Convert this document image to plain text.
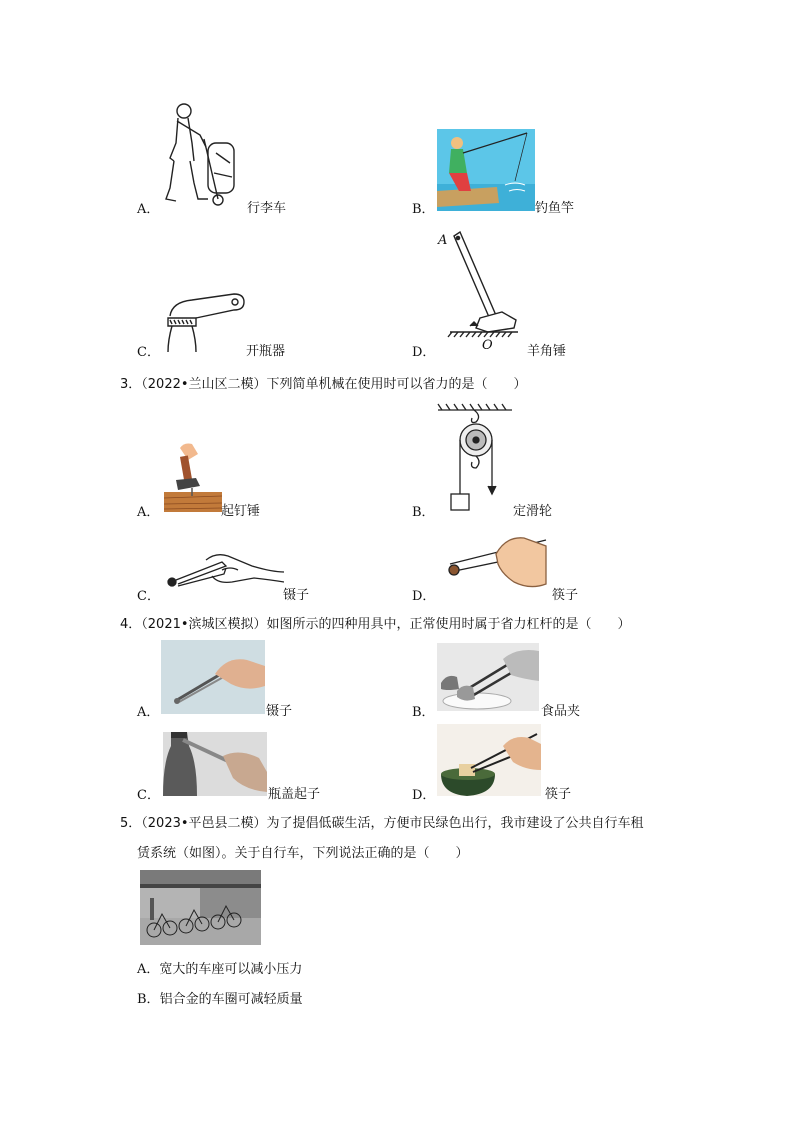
A．	行李车	B．	钓鱼竿
C．	开瓶器
A
O
D．	羊角锤
3．（2022•兰山区二模）下列简单机械在使用时可以省力的是（　　）
A．	起钉锤	B．	定滑轮
C．	镊子	D．	筷子
4．（2021•滨城区模拟）如图所示的四种用具中，正常使用时属于省力杠杆的是（　　）
A．	镊子	B．	食品夹
C．	瓶盖起子	D．	筷子
5．（2023•平邑县二模）为了提倡低碳生活，方便市民绿色出行，我市建设了公共自行车租
赁系统（如图）。关于自行车，下列说法正确的是（　　）
A．宽大的车座可以减小压力
B．铝合金的车圈可减轻质量
